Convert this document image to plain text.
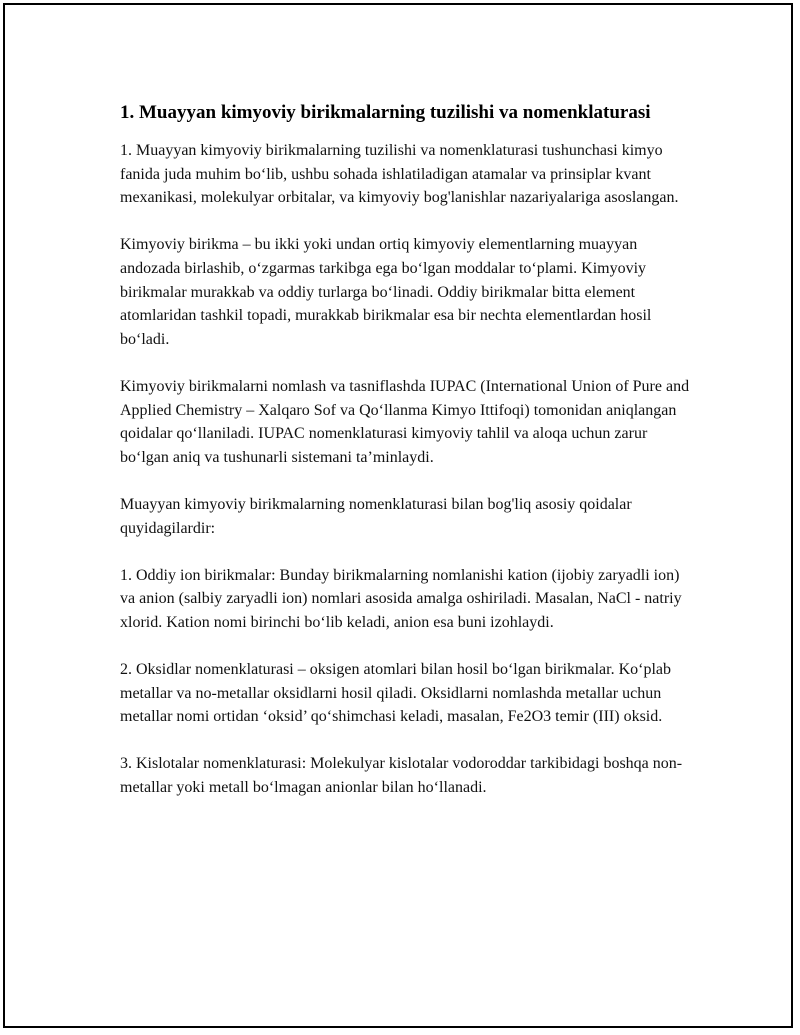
1. Muayyan kimyoviy birikmalarning tuzilishi va nomenklaturasi

1. Muayyan kimyoviy birikmalarning tuzilishi va nomenklaturasi tushunchasi kimyo fanida juda muhim bo‘lib, ushbu sohada ishlatiladigan atamalar va prinsiplar kvant mexanikasi, molekulyar orbitalar, va kimyoviy bog'lanishlar nazariyalariga asoslangan.

Kimyoviy birikma – bu ikki yoki undan ortiq kimyoviy elementlarning muayyan andozada birlashib, o‘zgarmas tarkibga ega bo‘lgan moddalar to‘plami. Kimyoviy birikmalar murakkab va oddiy turlarga bo‘linadi. Oddiy birikmalar bitta element atomlaridan tashkil topadi, murakkab birikmalar esa bir nechta elementlardan hosil bo‘ladi.

Kimyoviy birikmalarni nomlash va tasniflashda IUPAC (International Union of Pure and Applied Chemistry – Xalqaro Sof va Qo‘llanma Kimyo Ittifoqi) tomonidan aniqlangan qoidalar qo‘llaniladi. IUPAC nomenklaturasi kimyoviy tahlil va aloqa uchun zarur bo‘lgan aniq va tushunarli sistemani ta’minlaydi.

Muayyan kimyoviy birikmalarning nomenklaturasi bilan bog'liq asosiy qoidalar quyidagilardir:

1. Oddiy ion birikmalar: Bunday birikmalarning nomlanishi kation (ijobiy zaryadli ion) va anion (salbiy zaryadli ion) nomlari asosida amalga oshiriladi. Masalan, NaCl - natriy xlorid. Kation nomi birinchi bo‘lib keladi, anion esa buni izohlaydi.

2. Oksidlar nomenklaturasi – oksigen atomlari bilan hosil bo‘lgan birikmalar. Ko‘plab metallar va no-metallar oksidlarni hosil qiladi. Oksidlarni nomlashda metallar uchun metallar nomi ortidan ‘oksid’ qo‘shimchasi keladi, masalan, Fe2O3 temir (III) oksid.

3. Kislotalar nomenklaturasi: Molekulyar kislotalar vodoroddar tarkibidagi boshqa non-metallar yoki metall bo‘lmagan anionlar bilan ho‘llanadi.
